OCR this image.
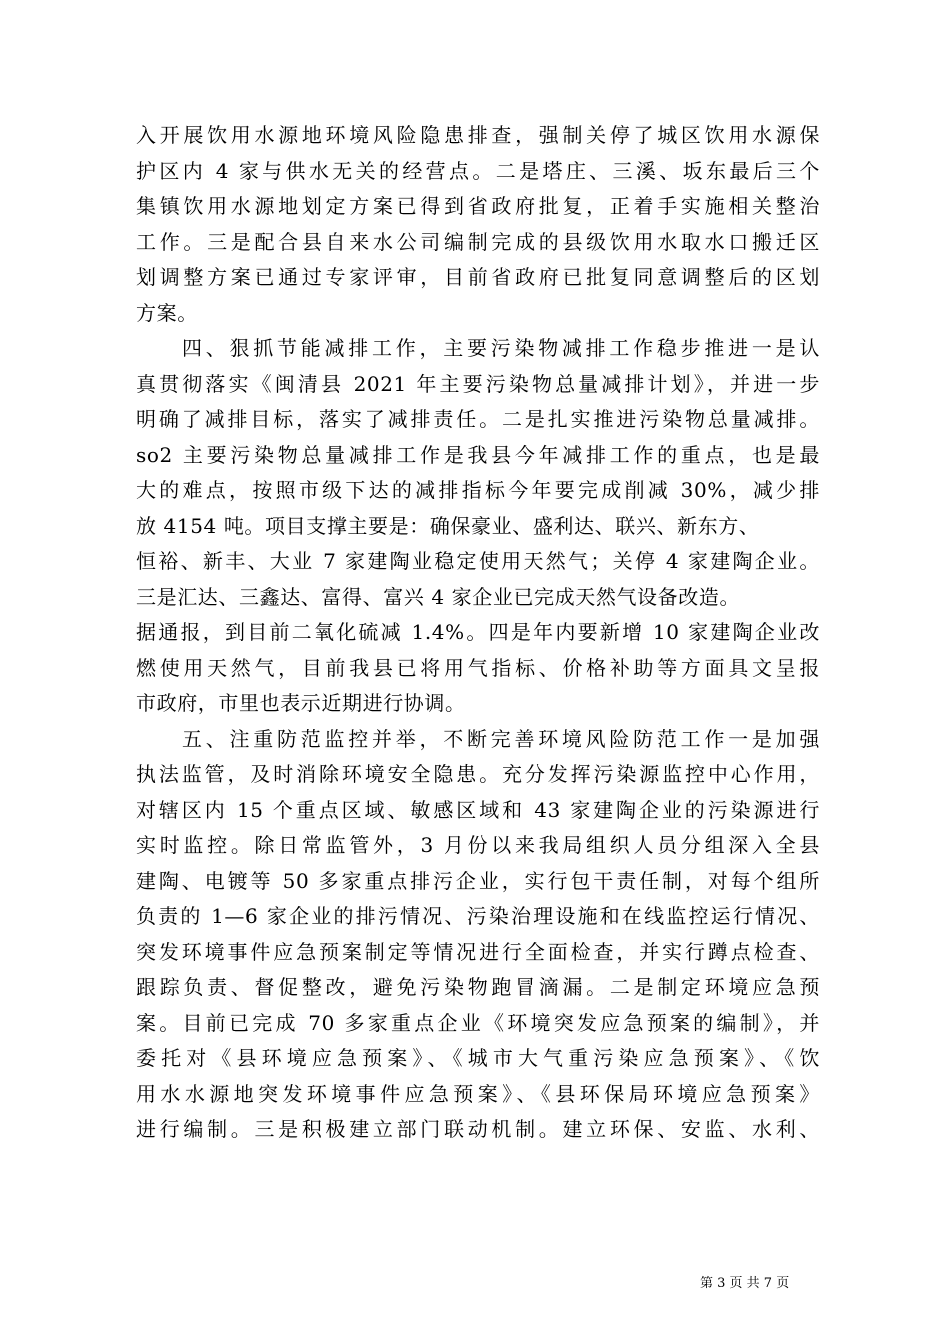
入开展饮用水源地环境风险隐患排查，强制关停了城区饮用水源保
护区内 4 家与供水无关的经营点。二是塔庄、三溪、坂东最后三个
集镇饮用水源地划定方案已得到省政府批复，正着手实施相关整治
工作。三是配合县自来水公司编制完成的县级饮用水取水口搬迁区
划调整方案已通过专家评审，目前省政府已批复同意调整后的区划
方案。
四、狠抓节能减排工作，主要污染物减排工作稳步推进一是认
真贯彻落实《闽清县 2021 年主要污染物总量减排计划》，并进一步
明确了减排目标，落实了减排责任。二是扎实推进污染物总量减排。
so2 主要污染物总量减排工作是我县今年减排工作的重点，也是最
大的难点，按照市级下达的减排指标今年要完成削减 30%，减少排
放 4154 吨。项目支撑主要是：确保豪业、盛利达、联兴、新东方、
恒裕、新丰、大业 7 家建陶业稳定使用天然气；关停 4 家建陶企业。
三是汇达、三鑫达、富得、富兴 4 家企业已完成天然气设备改造。
据通报，到目前二氧化硫减 1.4%。四是年内要新增 10 家建陶企业改
燃使用天然气，目前我县已将用气指标、价格补助等方面具文呈报
市政府，市里也表示近期进行协调。
五、注重防范监控并举，不断完善环境风险防范工作一是加强
执法监管，及时消除环境安全隐患。充分发挥污染源监控中心作用，
对辖区内 15 个重点区域、敏感区域和 43 家建陶企业的污染源进行
实时监控。除日常监管外，3 月份以来我局组织人员分组深入全县
建陶、电镀等 50 多家重点排污企业，实行包干责任制，对每个组所
负责的 1—6 家企业的排污情况、污染治理设施和在线监控运行情况、
突发环境事件应急预案制定等情况进行全面检查，并实行蹲点检查、
跟踪负责、督促整改，避免污染物跑冒滴漏。二是制定环境应急预
案。目前已完成 70 多家重点企业《环境突发应急预案的编制》，并
委托对《县环境应急预案》、《城市大气重污染应急预案》、《饮
用水水源地突发环境事件应急预案》、《县环保局环境应急预案》
进行编制。三是积极建立部门联动机制。建立环保、安监、水利、
第 3 页 共 7 页
